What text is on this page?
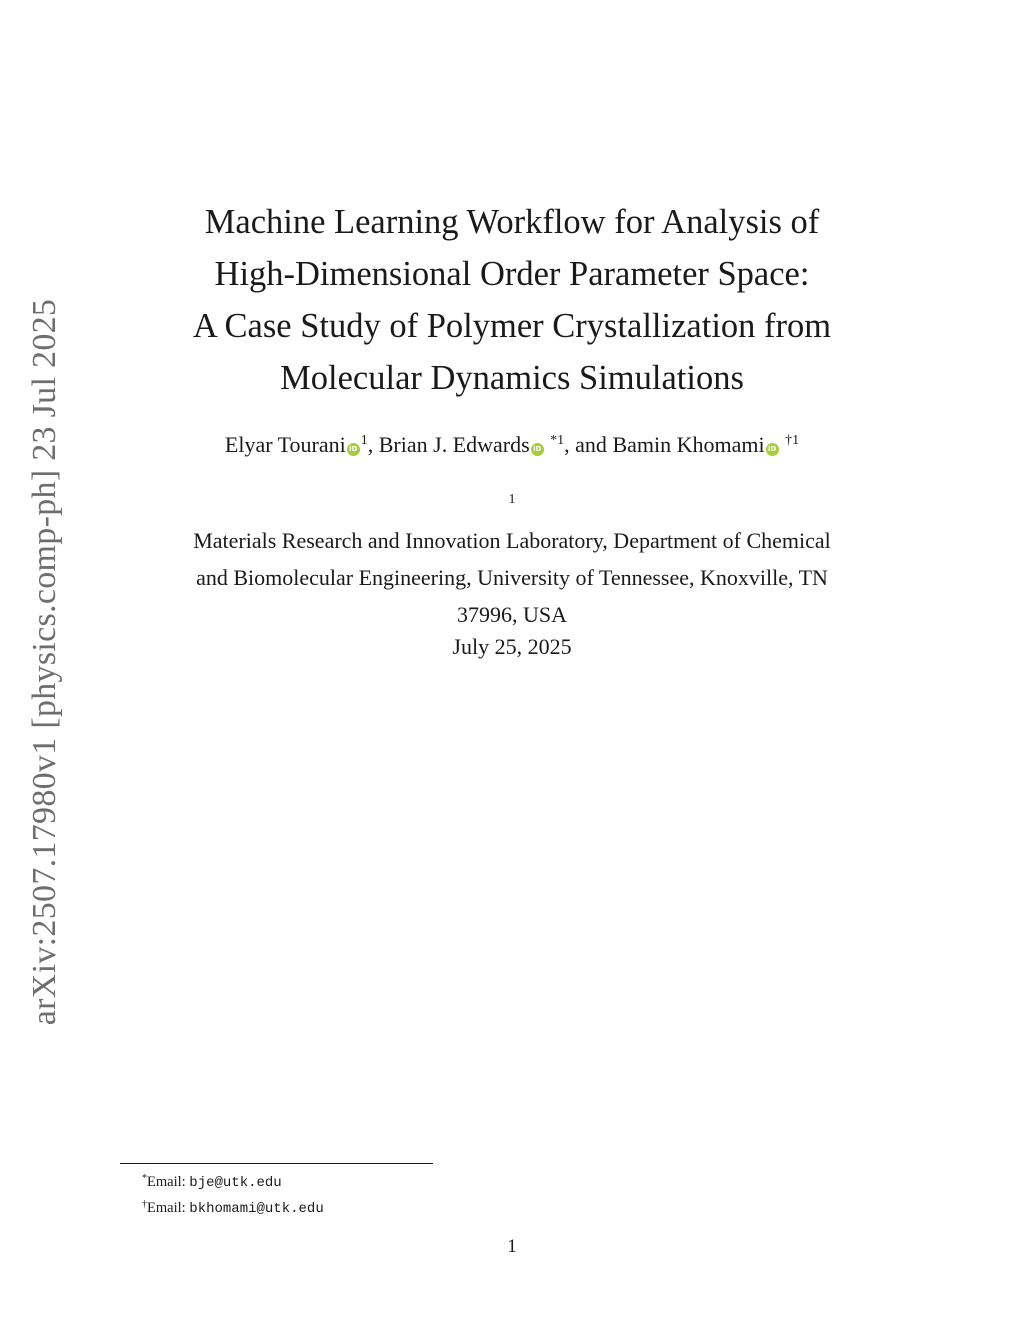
arXiv:2507.17980v1 [physics.comp-ph] 23 Jul 2025
Machine Learning Workflow for Analysis of
High-Dimensional Order Parameter Space:
A Case Study of Polymer Crystallization from
Molecular Dynamics Simulations
Elyar Tourani $iD^1$, Brian J. Edwards iD $^{*1}$, and Bamin Khomami iD $^{\dagger 1}$
$^1$
Materials Research and Innovation Laboratory, Department of Chemical
and Biomolecular Engineering, University of Tennessee, Knoxville, TN
37996, USA
July 25, 2025
*Email: bje@utk.edu
†Email: bkhomami@utk.edu
1
